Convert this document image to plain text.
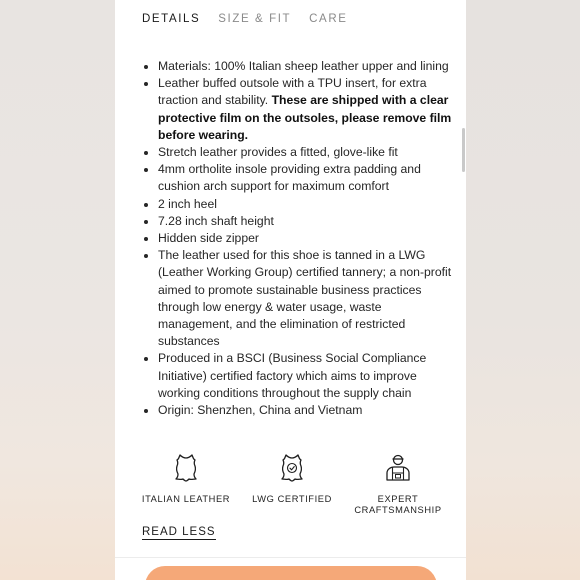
DETAILS SIZE & FIT CARE
• Materials: 100% Italian sheep leather upper and lining
• Leather buffed outsole with a TPU insert, for extra traction and stability. These are shipped with a clear protective film on the outsoles, please remove film before wearing.
• Stretch leather provides a fitted, glove-like fit
• 4mm ortholite insole providing extra padding and cushion arch support for maximum comfort
• 2 inch heel
• 7.28 inch shaft height
• Hidden side zipper
• The leather used for this shoe is tanned in a LWG (Leather Working Group) certified tannery; a non-profit aimed to promote sustainable business practices through low energy & water usage, waste management, and the elimination of restricted substances
• Produced in a BSCI (Business Social Compliance Initiative) certified factory which aims to improve working conditions throughout the supply chain
• Origin: Shenzhen, China and Vietnam
ITALIAN LEATHER LWG CERTIFIED	EXPERT CRAFTSMANSHIP
READ LESS
